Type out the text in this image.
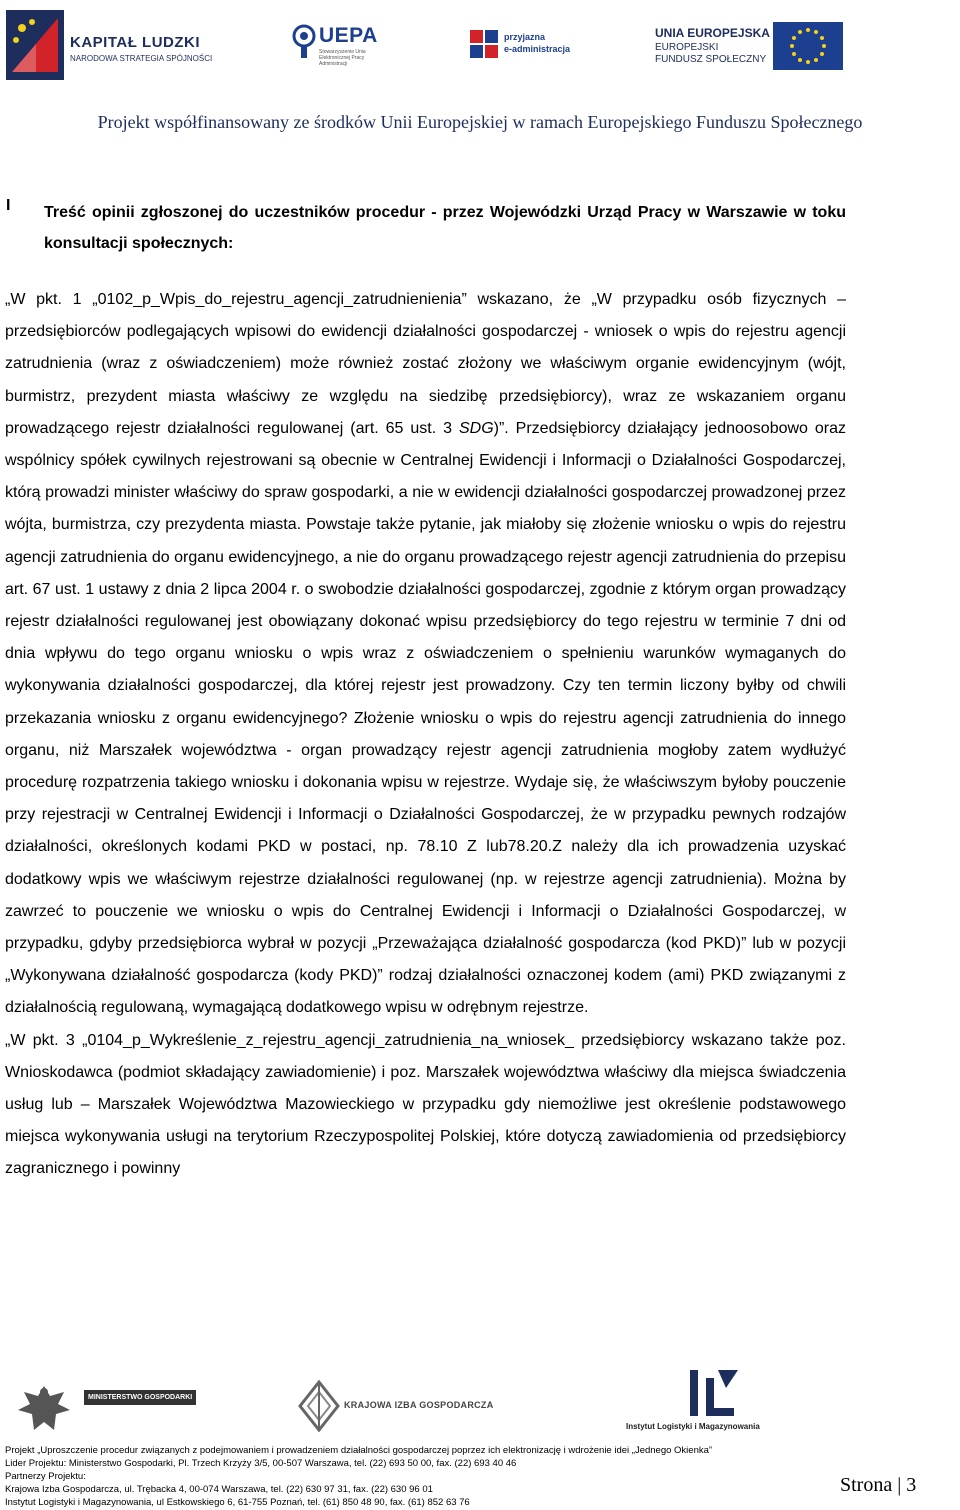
KAPITAŁ LUDZKI
NARODOWA STRATEGIA SPÓJNOŚCI
UEPA
Stowarzyszenie Unia Elektronicznej Pracy Administracji
przyjazna
e-administracja
UNIA EUROPEJSKA
EUROPEJSKI
FUNDUSZ SPOŁECZNY
Projekt współfinansowany ze środków Unii Europejskiej w ramach Europejskiego Funduszu Społecznego
I Treść opinii zgłoszonej do uczestników procedur - przez Wojewódzki Urząd Pracy w Warszawie w toku konsultacji społecznych:

„W pkt. 1 „0102_p_Wpis_do_rejestru_agencji_zatrudnienienia” wskazano, że „W przypadku osób fizycznych – przedsiębiorców podlegających wpisowi do ewidencji działalności gospodarczej - wniosek o wpis do rejestru agencji zatrudnienia (wraz z oświadczeniem) może również zostać złożony we właściwym organie ewidencyjnym (wójt, burmistrz, prezydent miasta właściwy ze względu na siedzibę przedsiębiorcy), wraz ze wskazaniem organu prowadzącego rejestr działalności regulowanej (art. 65 ust. 3 SDG)”. Przedsiębiorcy działający jednoosobowo oraz wspólnicy spółek cywilnych rejestrowani są obecnie w Centralnej Ewidencji i Informacji o Działalności Gospodarczej, którą prowadzi minister właściwy do spraw gospodarki, a nie w ewidencji działalności gospodarczej prowadzonej przez wójta, burmistrza, czy prezydenta miasta. Powstaje także pytanie, jak miałoby się złożenie wniosku o wpis do rejestru agencji zatrudnienia do organu ewidencyjnego, a nie do organu prowadzącego rejestr agencji zatrudnienia do przepisu art. 67 ust. 1 ustawy z dnia 2 lipca 2004 r. o swobodzie działalności gospodarczej, zgodnie z którym organ prowadzący rejestr działalności regulowanej jest obowiązany dokonać wpisu przedsiębiorcy do tego rejestru w terminie 7 dni od dnia wpływu do tego organu wniosku o wpis wraz z oświadczeniem o spełnieniu warunków wymaganych do wykonywania działalności gospodarczej, dla której rejestr jest prowadzony. Czy ten termin liczony byłby od chwili przekazania wniosku z organu ewidencyjnego? Złożenie wniosku o wpis do rejestru agencji zatrudnienia do innego organu, niż Marszałek województwa - organ prowadzący rejestr agencji zatrudnienia mogłoby zatem wydłużyć procedurę rozpatrzenia takiego wniosku i dokonania wpisu w rejestrze. Wydaje się, że właściwszym byłoby pouczenie przy rejestracji w Centralnej Ewidencji i Informacji o Działalności Gospodarczej, że w przypadku pewnych rodzajów działalności, określonych kodami PKD w postaci, np. 78.10 Z lub78.20.Z należy dla ich prowadzenia uzyskać dodatkowy wpis we właściwym rejestrze działalności regulowanej (np. w rejestrze agencji zatrudnienia). Można by zawrzeć to pouczenie we wniosku o wpis do Centralnej Ewidencji i Informacji o Działalności Gospodarczej, w przypadku, gdyby przedsiębiorca wybrał w pozycji „Przeważająca działalność gospodarcza (kod PKD)” lub w pozycji „Wykonywana działalność gospodarcza (kody PKD)” rodzaj działalności oznaczonej kodem (ami) PKD związanymi z działalnością regulowaną, wymagającą dodatkowego wpisu w odrębnym rejestrze.

„W pkt. 3 „0104_p_Wykreślenie_z_rejestru_agencji_zatrudnienia_na_wniosek_ przedsiębiorcy wskazano także poz. Wnioskodawca (podmiot składający zawiadomienie) i poz. Marszałek województwa właściwy dla miejsca świadczenia usług lub – Marszałek Województwa Mazowieckiego w przypadku gdy niemożliwe jest określenie podstawowego miejsca wykonywania usługi na terytorium Rzeczypospolitej Polskiej, które dotyczą zawiadomienia od przedsiębiorcy zagranicznego i powinny

MINISTERSTWO GOSPODARKI
KRAJOWA IZBA GOSPODARCZA
Instytut Logistyki i Magazynowania
Projekt „Uproszczenie procedur związanych z podejmowaniem i prowadzeniem działalności gospodarczej poprzez ich elektronizację i wdrożenie idei „Jednego Okienka”
Lider Projektu: Ministerstwo Gospodarki, Pl. Trzech Krzyży 3/5, 00-507 Warszawa, tel. (22) 693 50 00, fax. (22) 693 40 46
Partnerzy Projektu:
Krajowa Izba Gospodarcza, ul. Trębacka 4, 00-074 Warszawa, tel. (22) 630 97 31, fax. (22) 630 96 01
Instytut Logistyki i Magazynowania, ul Estkowskiego 6, 61-755 Poznań, tel. (61) 850 48 90, fax. (61) 852 63 76
Strona | 3
